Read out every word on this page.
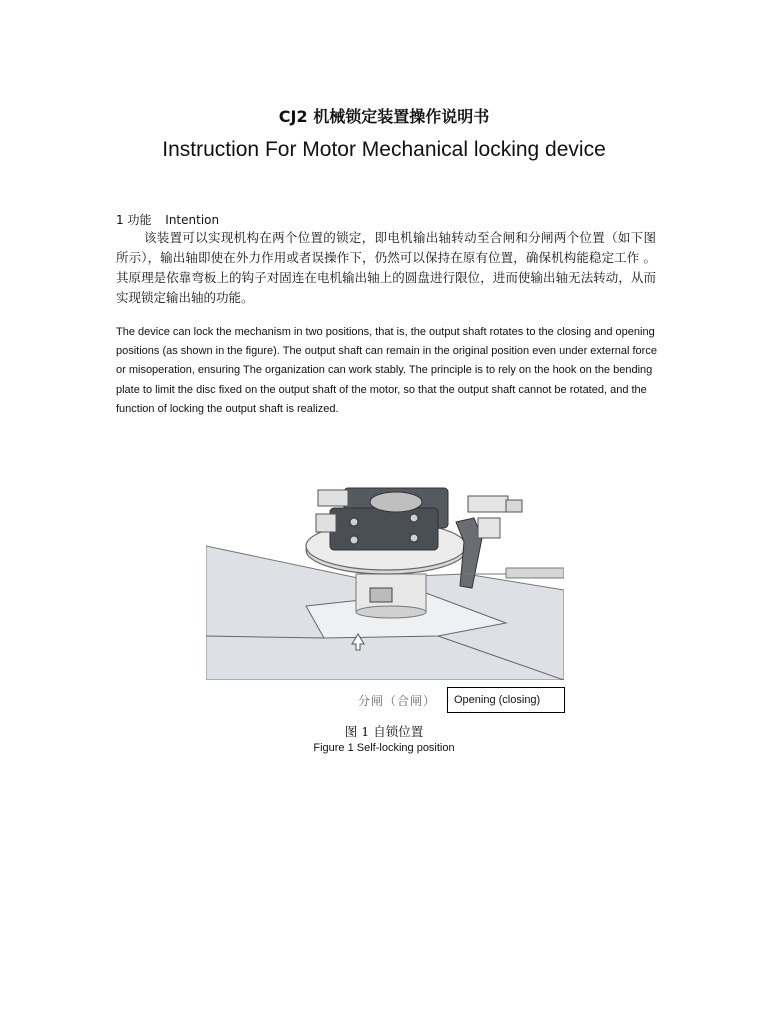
CJ2 机械锁定装置操作说明书
Instruction For Motor Mechanical locking device
1 功能 Intention
该装置可以实现机构在两个位置的锁定，即电机输出轴转动至合闸和分闸两个位置（如下图所示），输出轴即使在外力作用或者误操作下，仍然可以保持在原有位置，确保机构能稳定工作 。其原理是依靠弯板上的钩子对固连在电机输出轴上的圆盘进行限位，进而使输出轴无法转动，从而实现锁定输出轴的功能。
The device can lock the mechanism in two positions, that is, the output shaft rotates to the closing and opening positions (as shown in the figure). The output shaft can remain in the original position even under external force or misoperation, ensuring The organization can work stably. The principle is to rely on the hook on the bending plate to limit the disc fixed on the output shaft of the motor, so that the output shaft cannot be rotated, and the function of locking the output shaft is realized.
分闸（合闸）	Opening (closing)
图 1 自锁位置
Figure 1 Self-locking position
